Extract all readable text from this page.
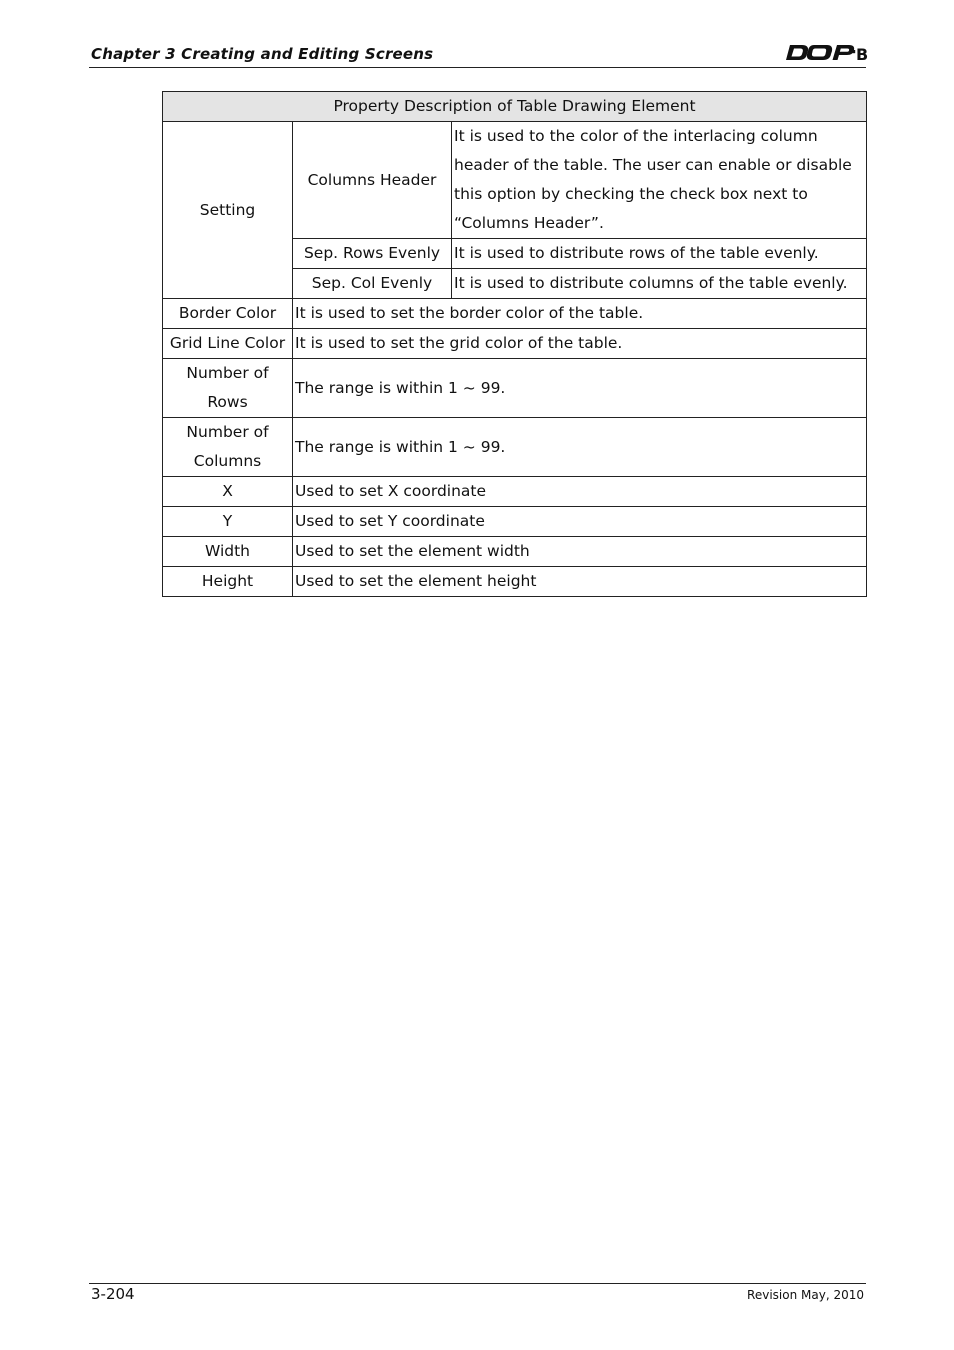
Chapter 3 Creating and Editing Screens	B
Property Description of Table Drawing Element		
Setting	Columns Header	It is used to the color of the interlacing column header of the table. The user can enable or disable this option by checking the check box next to “Columns Header”.
	Sep. Rows Evenly	It is used to distribute rows of the table evenly.
	Sep. Col Evenly	It is used to distribute columns of the table evenly.
Border Color	It is used to set the border color of the table.	
Grid Line Color	It is used to set the grid color of the table.	
Number of Rows	The range is within 1 ~ 99.	
Number of Columns	The range is within 1 ~ 99.	
X	Used to set X coordinate	
Y	Used to set Y coordinate	
Width	Used to set the element width	
Height	Used to set the element height	
3-204	Revision May, 2010
